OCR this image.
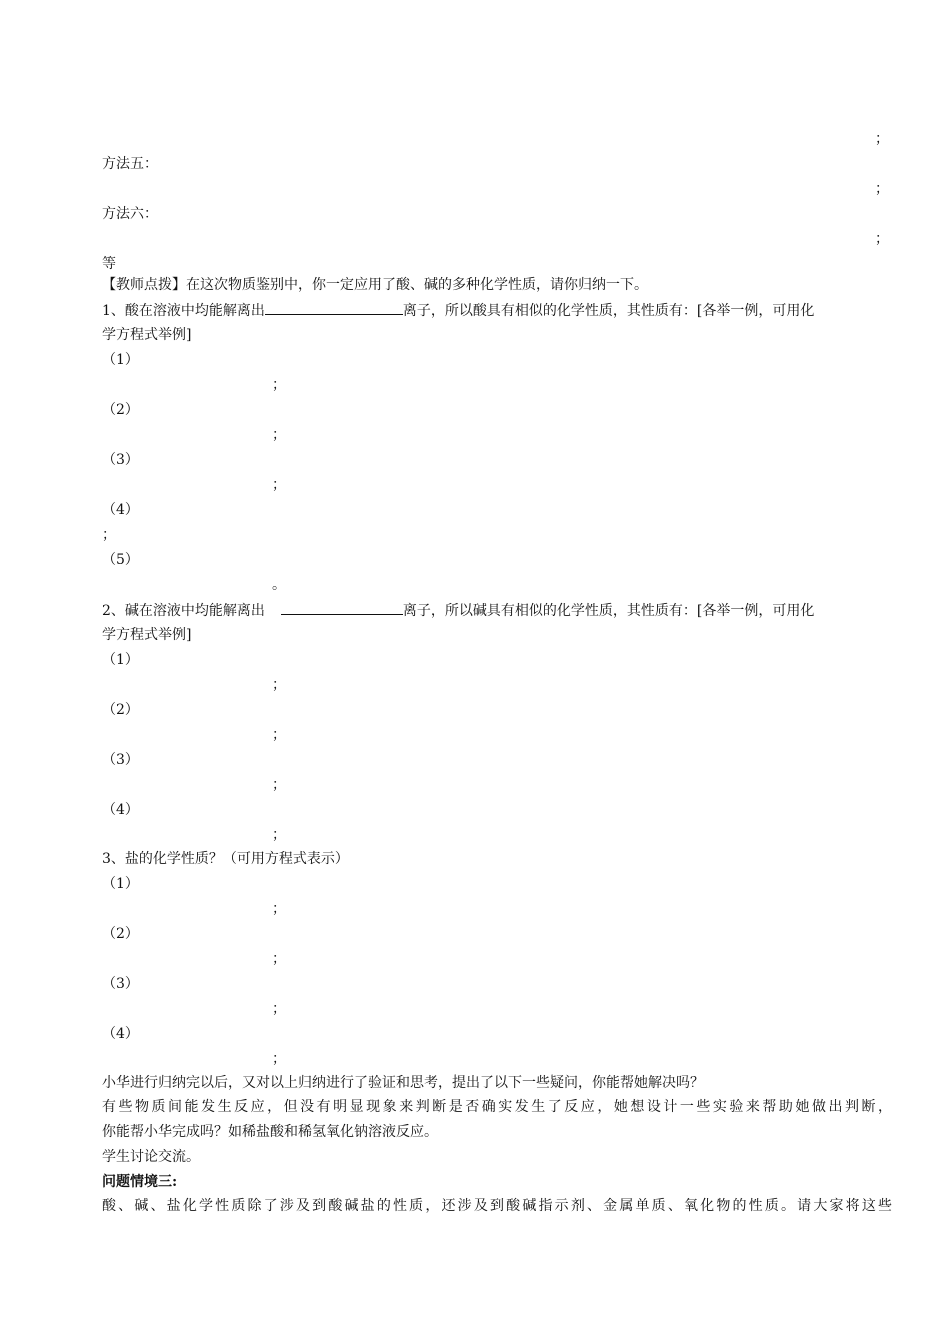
；
方法五：
；
方法六：
；
等
【教师点拨】在这次物质鉴别中，你一定应用了酸、碱的多种化学性质，请你归纳一下。
1、酸在溶液中均能解离出	离子，所以酸具有相似的化学性质，其性质有：[各举一例，可用化
学方程式举例]
（1）
；
（2）
；
（3）
；
（4）
；
（5）
。
2、碱在溶液中均能解离出	离子，所以碱具有相似的化学性质，其性质有：[各举一例，可用化
学方程式举例]
（1）
；
（2）
；
（3）
；
（4）
；
3、盐的化学性质？（可用方程式表示）
（1）
；
（2）
；
（3）
；
（4）
；
小华进行归纳完以后，又对以上归纳进行了验证和思考，提出了以下一些疑问，你能帮她解决吗？
有些物质间能发生反应，但没有明显现象来判断是否确实发生了反应，她想设计一些实验来帮助她做出判断，
你能帮小华完成吗？如稀盐酸和稀氢氧化钠溶液反应。
学生讨论交流。
问题情境三:
酸、碱、盐化学性质除了涉及到酸碱盐的性质，还涉及到酸碱指示剂、金属单质、氧化物的性质。请大家将这些
